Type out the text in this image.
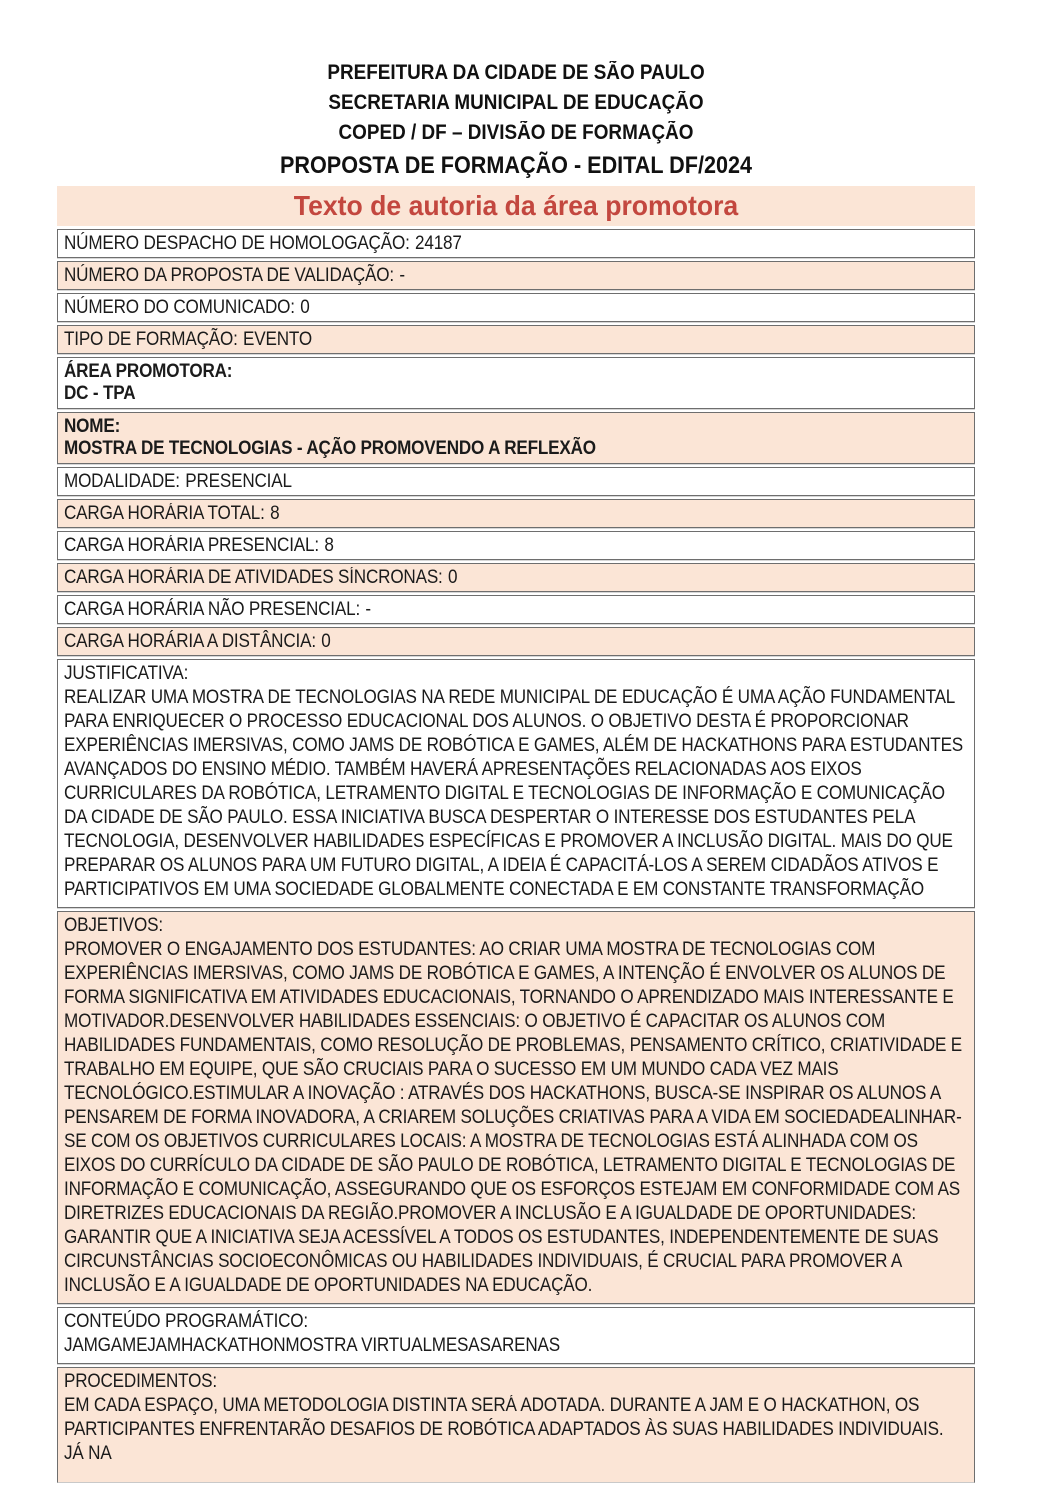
PREFEITURA DA CIDADE DE SÃO PAULO
SECRETARIA MUNICIPAL DE EDUCAÇÃO
COPED / DF – DIVISÃO DE FORMAÇÃO
PROPOSTA DE FORMAÇÃO - EDITAL DF/2024
Texto de autoria da área promotora
NÚMERO DESPACHO DE HOMOLOGAÇÃO: 24187
NÚMERO DA PROPOSTA DE VALIDAÇÃO: -
NÚMERO DO COMUNICADO: 0
TIPO DE FORMAÇÃO: EVENTO
ÁREA PROMOTORA:
DC - TPA
NOME:
MOSTRA DE TECNOLOGIAS - AÇÃO PROMOVENDO A REFLEXÃO
MODALIDADE: PRESENCIAL
CARGA HORÁRIA TOTAL: 8
CARGA HORÁRIA PRESENCIAL: 8
CARGA HORÁRIA DE ATIVIDADES SÍNCRONAS: 0
CARGA HORÁRIA NÃO PRESENCIAL: -
CARGA HORÁRIA A DISTÂNCIA: 0
JUSTIFICATIVA:
REALIZAR UMA MOSTRA DE TECNOLOGIAS NA REDE MUNICIPAL DE EDUCAÇÃO É UMA AÇÃO FUNDAMENTAL PARA ENRIQUECER O PROCESSO EDUCACIONAL DOS ALUNOS. O OBJETIVO DESTA É PROPORCIONAR EXPERIÊNCIAS IMERSIVAS, COMO JAMS DE ROBÓTICA E GAMES, ALÉM DE HACKATHONS PARA ESTUDANTES AVANÇADOS DO ENSINO MÉDIO. TAMBÉM HAVERÁ APRESENTAÇÕES RELACIONADAS AOS EIXOS CURRICULARES DA ROBÓTICA, LETRAMENTO DIGITAL E TECNOLOGIAS DE INFORMAÇÃO E COMUNICAÇÃO DA CIDADE DE SÃO PAULO. ESSA INICIATIVA BUSCA DESPERTAR O INTERESSE DOS ESTUDANTES PELA TECNOLOGIA, DESENVOLVER HABILIDADES ESPECÍFICAS E PROMOVER A INCLUSÃO DIGITAL. MAIS DO QUE PREPARAR OS ALUNOS PARA UM FUTURO DIGITAL, A IDEIA É CAPACITÁ-LOS A SEREM CIDADÃOS ATIVOS E PARTICIPATIVOS EM UMA SOCIEDADE GLOBALMENTE CONECTADA E EM CONSTANTE TRANSFORMAÇÃO
OBJETIVOS:
PROMOVER O ENGAJAMENTO DOS ESTUDANTES: AO CRIAR UMA MOSTRA DE TECNOLOGIAS COM EXPERIÊNCIAS IMERSIVAS, COMO JAMS DE ROBÓTICA E GAMES, A INTENÇÃO É ENVOLVER OS ALUNOS DE FORMA SIGNIFICATIVA EM ATIVIDADES EDUCACIONAIS, TORNANDO O APRENDIZADO MAIS INTERESSANTE E MOTIVADOR.DESENVOLVER HABILIDADES ESSENCIAIS: O OBJETIVO É CAPACITAR OS ALUNOS COM HABILIDADES FUNDAMENTAIS, COMO RESOLUÇÃO DE PROBLEMAS, PENSAMENTO CRÍTICO, CRIATIVIDADE E TRABALHO EM EQUIPE, QUE SÃO CRUCIAIS PARA O SUCESSO EM UM MUNDO CADA VEZ MAIS TECNOLÓGICO.ESTIMULAR A INOVAÇÃO : ATRAVÉS DOS HACKATHONS, BUSCA-SE INSPIRAR OS ALUNOS A PENSAREM DE FORMA INOVADORA, A CRIAREM SOLUÇÕES CRIATIVAS PARA A VIDA EM SOCIEDADEALINHAR-SE COM OS OBJETIVOS CURRICULARES LOCAIS: A MOSTRA DE TECNOLOGIAS ESTÁ ALINHADA COM OS EIXOS DO CURRÍCULO DA CIDADE DE SÃO PAULO DE ROBÓTICA, LETRAMENTO DIGITAL E TECNOLOGIAS DE INFORMAÇÃO E COMUNICAÇÃO, ASSEGURANDO QUE OS ESFORÇOS ESTEJAM EM CONFORMIDADE COM AS DIRETRIZES EDUCACIONAIS DA REGIÃO.PROMOVER A INCLUSÃO E A IGUALDADE DE OPORTUNIDADES: GARANTIR QUE A INICIATIVA SEJA ACESSÍVEL A TODOS OS ESTUDANTES, INDEPENDENTEMENTE DE SUAS CIRCUNSTÂNCIAS SOCIOECONÔMICAS OU HABILIDADES INDIVIDUAIS, É CRUCIAL PARA PROMOVER A INCLUSÃO E A IGUALDADE DE OPORTUNIDADES NA EDUCAÇÃO.
CONTEÚDO PROGRAMÁTICO:
JAMGAMEJAMHACKATHONMOSTRA VIRTUALMESASARENAS
PROCEDIMENTOS:
EM CADA ESPAÇO, UMA METODOLOGIA DISTINTA SERÁ ADOTADA. DURANTE A JAM E O HACKATHON, OS PARTICIPANTES ENFRENTARÃO DESAFIOS DE ROBÓTICA ADAPTADOS ÀS SUAS HABILIDADES INDIVIDUAIS. JÁ NA
